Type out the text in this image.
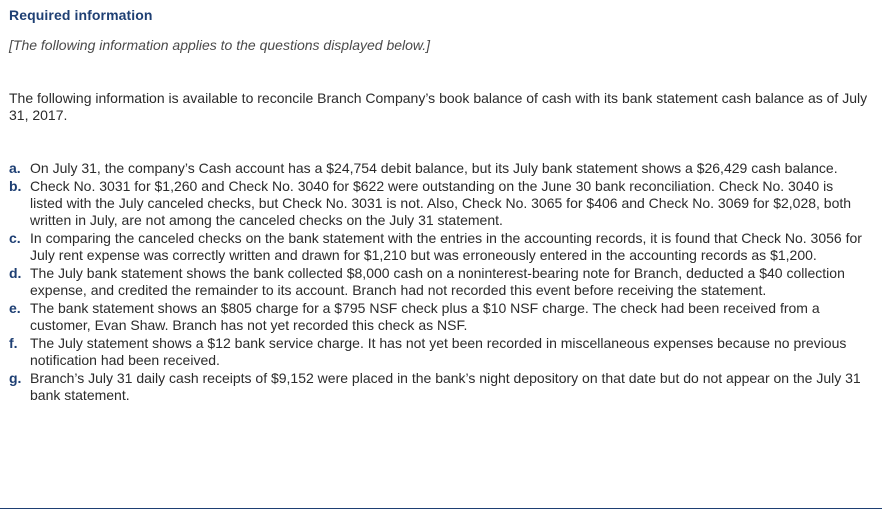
Required information
[The following information applies to the questions displayed below.]
The following information is available to reconcile Branch Company’s book balance of cash with its bank statement cash balance as of July 31, 2017.
a. On July 31, the company’s Cash account has a $24,754 debit balance, but its July bank statement shows a $26,429 cash balance.
b. Check No. 3031 for $1,260 and Check No. 3040 for $622 were outstanding on the June 30 bank reconciliation. Check No. 3040 is listed with the July canceled checks, but Check No. 3031 is not. Also, Check No. 3065 for $406 and Check No. 3069 for $2,028, both written in July, are not among the canceled checks on the July 31 statement.
c. In comparing the canceled checks on the bank statement with the entries in the accounting records, it is found that Check No. 3056 for July rent expense was correctly written and drawn for $1,210 but was erroneously entered in the accounting records as $1,200.
d. The July bank statement shows the bank collected $8,000 cash on a noninterest-bearing note for Branch, deducted a $40 collection expense, and credited the remainder to its account. Branch had not recorded this event before receiving the statement.
e. The bank statement shows an $805 charge for a $795 NSF check plus a $10 NSF charge. The check had been received from a customer, Evan Shaw. Branch has not yet recorded this check as NSF.
f. The July statement shows a $12 bank service charge. It has not yet been recorded in miscellaneous expenses because no previous notification had been received.
g. Branch’s July 31 daily cash receipts of $9,152 were placed in the bank’s night depository on that date but do not appear on the July 31 bank statement.
